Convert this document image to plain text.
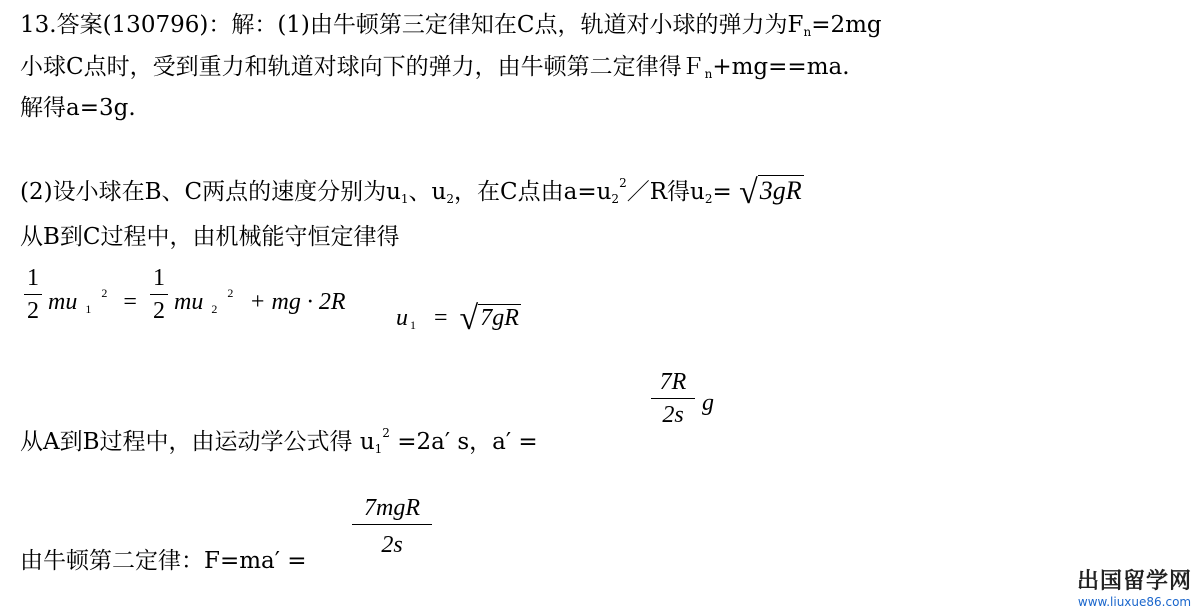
13.答案(130796)：解：(1)由牛顿第三定律知在C点，轨道对小球的弹力为$F_n=2mg$
小球C点时，受到重力和轨道对球向下的弹力，由牛顿第二定律得Ｆ$_n$+mg==ma.
解得a=3g.
(2)设小球在B、C两点的速度分别为$u_1$、$u_2$，在C点由$a=u_2^2/R$得$u_2= √3gR$
从B到C过程中，由机械能守恒定律得
1
2 mu $_1^2$ =
1
2 mu $_2^2$ + mg · 2R
u $_1$ = √7gR
从A到B过程中，由运动学公式得 $u_1^2 =2a'$ s，a′ =
7R
2s g
由牛顿第二定律：F=ma′ =
7mgR
2s
出国留学网
www.liuxue86.com
